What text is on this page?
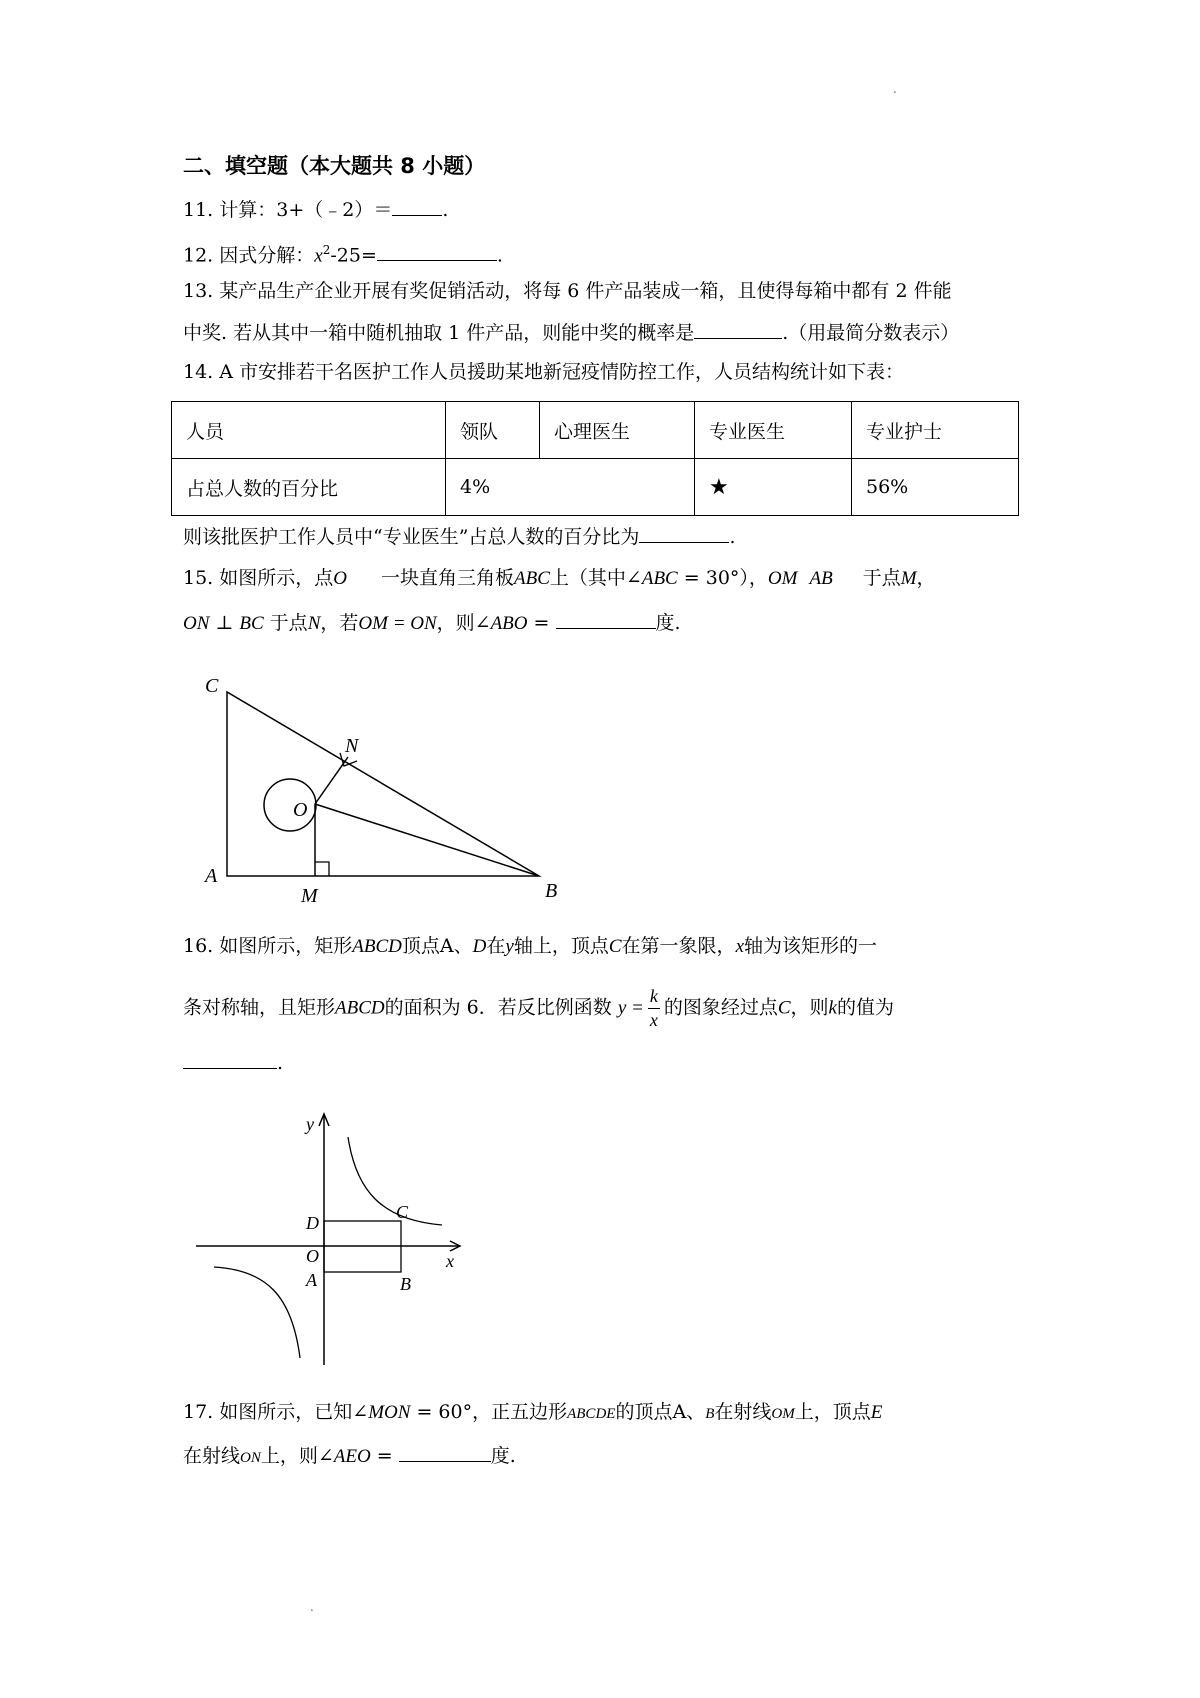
.
二、填空题（本大题共 8 小题）
11. 计算：3+（﹣2）＝	.
12. 因式分解：$x^2-25=$	.
13. 某产品生产企业开展有奖促销活动，将每 6 件产品装成一箱，且使得每箱中都有 2 件能
中奖. 若从其中一箱中随机抽取 1 件产品，则能中奖的概率是	.（用最简分数表示）
14. A 市安排若干名医护工作人员援助某地新冠疫情防控工作，人员结构统计如下表：
人员	领队	心理医生	专业医生	专业护士
占总人数的百分比	4%		★	56%
则该批医护工作人员中“专业医生”占总人数的百分比为	.
15. 如图所示，点O 一块直角三角板ABC上（其中∠ABC = 30°），OM AB 于点M，
ON ⊥ BC 于点N，若OM = ON，则∠ABO =	度.
C
N
O
A
M	B
16. 如图所示，矩形ABCD顶点A、D在y轴上，顶点C在第一象限，x轴为该矩形的一
条对称轴，且矩形ABCD的面积为 6．若反比例函数 $y = \frac{k}{x}$ 的图象经过点C，则k的值为
.
y
D
C
O	x
A	B
17. 如图所示，已知∠MON = 60°，正五边形ABCDE的顶点A、B在射线OM上，顶点E
在射线ON上，则∠AEO =	度.
.
